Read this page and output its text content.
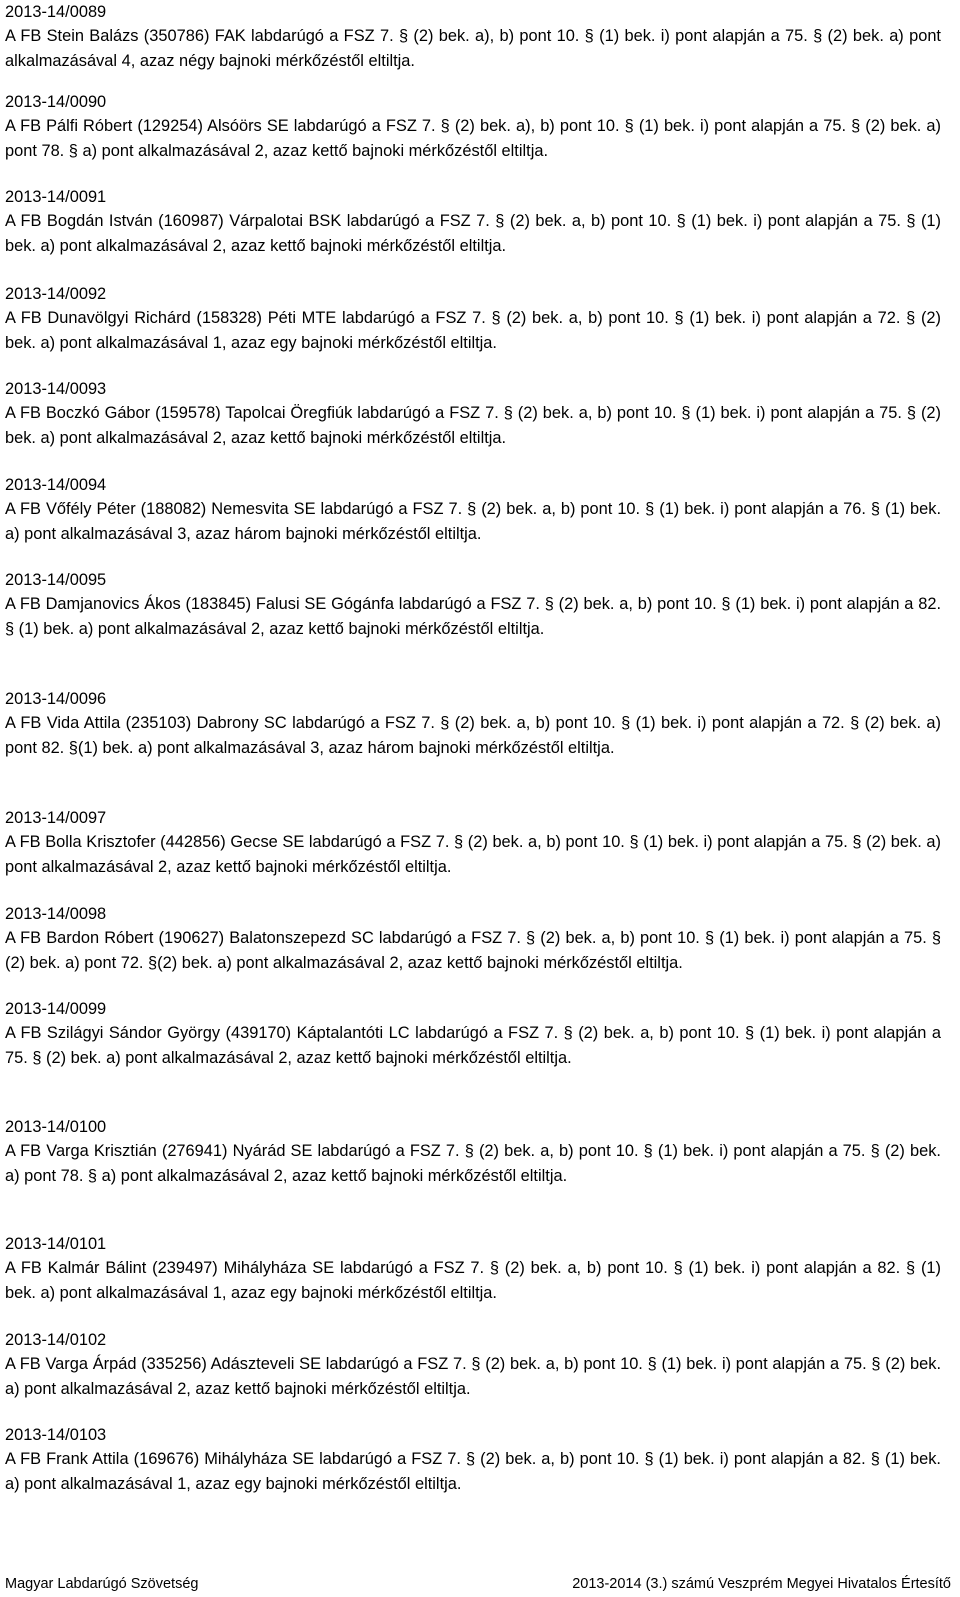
2013-14/0089
A FB Stein Balázs (350786) FAK labdarúgó a FSZ 7. § (2) bek. a), b) pont 10. § (1) bek. i) pont alapján a 75. § (2) bek. a) pont alkalmazásával 4, azaz négy bajnoki mérkőzéstől eltiltja.
2013-14/0090
A FB Pálfi Róbert (129254) Alsóörs SE labdarúgó a FSZ 7. § (2) bek. a), b) pont 10. § (1) bek. i) pont alapján a 75. § (2) bek. a) pont 78. § a) pont alkalmazásával 2, azaz kettő bajnoki mérkőzéstől eltiltja.
2013-14/0091
A FB Bogdán István (160987) Várpalotai BSK labdarúgó a FSZ 7. § (2) bek. a, b) pont 10. § (1) bek. i) pont alapján a 75. § (1) bek. a) pont alkalmazásával 2, azaz kettő bajnoki mérkőzéstől eltiltja.
2013-14/0092
A FB Dunavölgyi Richárd (158328) Péti MTE labdarúgó a FSZ 7. § (2) bek. a, b) pont 10. § (1) bek. i) pont alapján a 72. § (2) bek. a) pont alkalmazásával 1, azaz egy bajnoki mérkőzéstől eltiltja.
2013-14/0093
A FB Boczkó Gábor (159578) Tapolcai Öregfiúk labdarúgó a FSZ 7. § (2) bek. a, b) pont 10. § (1) bek. i) pont alapján a 75. § (2) bek. a) pont alkalmazásával 2, azaz kettő bajnoki mérkőzéstől eltiltja.
2013-14/0094
A FB Vőfély Péter (188082) Nemesvita SE labdarúgó a FSZ 7. § (2) bek. a, b) pont 10. § (1) bek. i) pont alapján a 76. § (1) bek. a) pont alkalmazásával 3, azaz három bajnoki mérkőzéstől eltiltja.
2013-14/0095
A FB Damjanovics Ákos (183845) Falusi SE Gógánfa labdarúgó a FSZ 7. § (2) bek. a, b) pont 10. § (1) bek. i) pont alapján a 82. § (1) bek. a) pont alkalmazásával 2, azaz kettő bajnoki mérkőzéstől eltiltja.
2013-14/0096
A FB Vida Attila (235103) Dabrony SC labdarúgó a FSZ 7. § (2) bek. a, b) pont 10. § (1) bek. i) pont alapján a 72. § (2) bek. a) pont 82. §(1) bek. a) pont alkalmazásával 3, azaz három bajnoki mérkőzéstől eltiltja.
2013-14/0097
A FB Bolla Krisztofer (442856) Gecse SE labdarúgó a FSZ 7. § (2) bek. a, b) pont 10. § (1) bek. i) pont alapján a 75. § (2) bek. a) pont alkalmazásával 2, azaz kettő bajnoki mérkőzéstől eltiltja.
2013-14/0098
A FB Bardon Róbert (190627) Balatonszepezd SC labdarúgó a FSZ 7. § (2) bek. a, b) pont 10. § (1) bek. i) pont alapján a 75. § (2) bek. a) pont 72. §(2) bek. a) pont alkalmazásával 2, azaz kettő bajnoki mérkőzéstől eltiltja.
2013-14/0099
A FB Szilágyi Sándor György (439170) Káptalantóti LC labdarúgó a FSZ 7. § (2) bek. a, b) pont 10. § (1) bek. i) pont alapján a 75. § (2) bek. a) pont alkalmazásával 2, azaz kettő bajnoki mérkőzéstől eltiltja.
2013-14/0100
A FB Varga Krisztián (276941) Nyárád SE labdarúgó a FSZ 7. § (2) bek. a, b) pont 10. § (1) bek. i) pont alapján a 75. § (2) bek. a) pont 78. § a) pont alkalmazásával 2, azaz kettő bajnoki mérkőzéstől eltiltja.
2013-14/0101
A FB Kalmár Bálint (239497) Mihályháza SE labdarúgó a FSZ 7. § (2) bek. a, b) pont 10. § (1) bek. i) pont alapján a 82. § (1) bek. a) pont alkalmazásával 1, azaz egy bajnoki mérkőzéstől eltiltja.
2013-14/0102
A FB Varga Árpád (335256) Adászteveli SE labdarúgó a FSZ 7. § (2) bek. a, b) pont 10. § (1) bek. i) pont alapján a 75. § (2) bek. a) pont alkalmazásával 2, azaz kettő bajnoki mérkőzéstől eltiltja.
2013-14/0103
A FB Frank Attila (169676) Mihályháza SE labdarúgó a FSZ 7. § (2) bek. a, b) pont 10. § (1) bek. i) pont alapján a 82. § (1) bek. a) pont alkalmazásával 1, azaz egy bajnoki mérkőzéstől eltiltja.
Magyar Labdarúgó Szövetség	2013-2014 (3.) számú Veszprém Megyei Hivatalos Értesítő
